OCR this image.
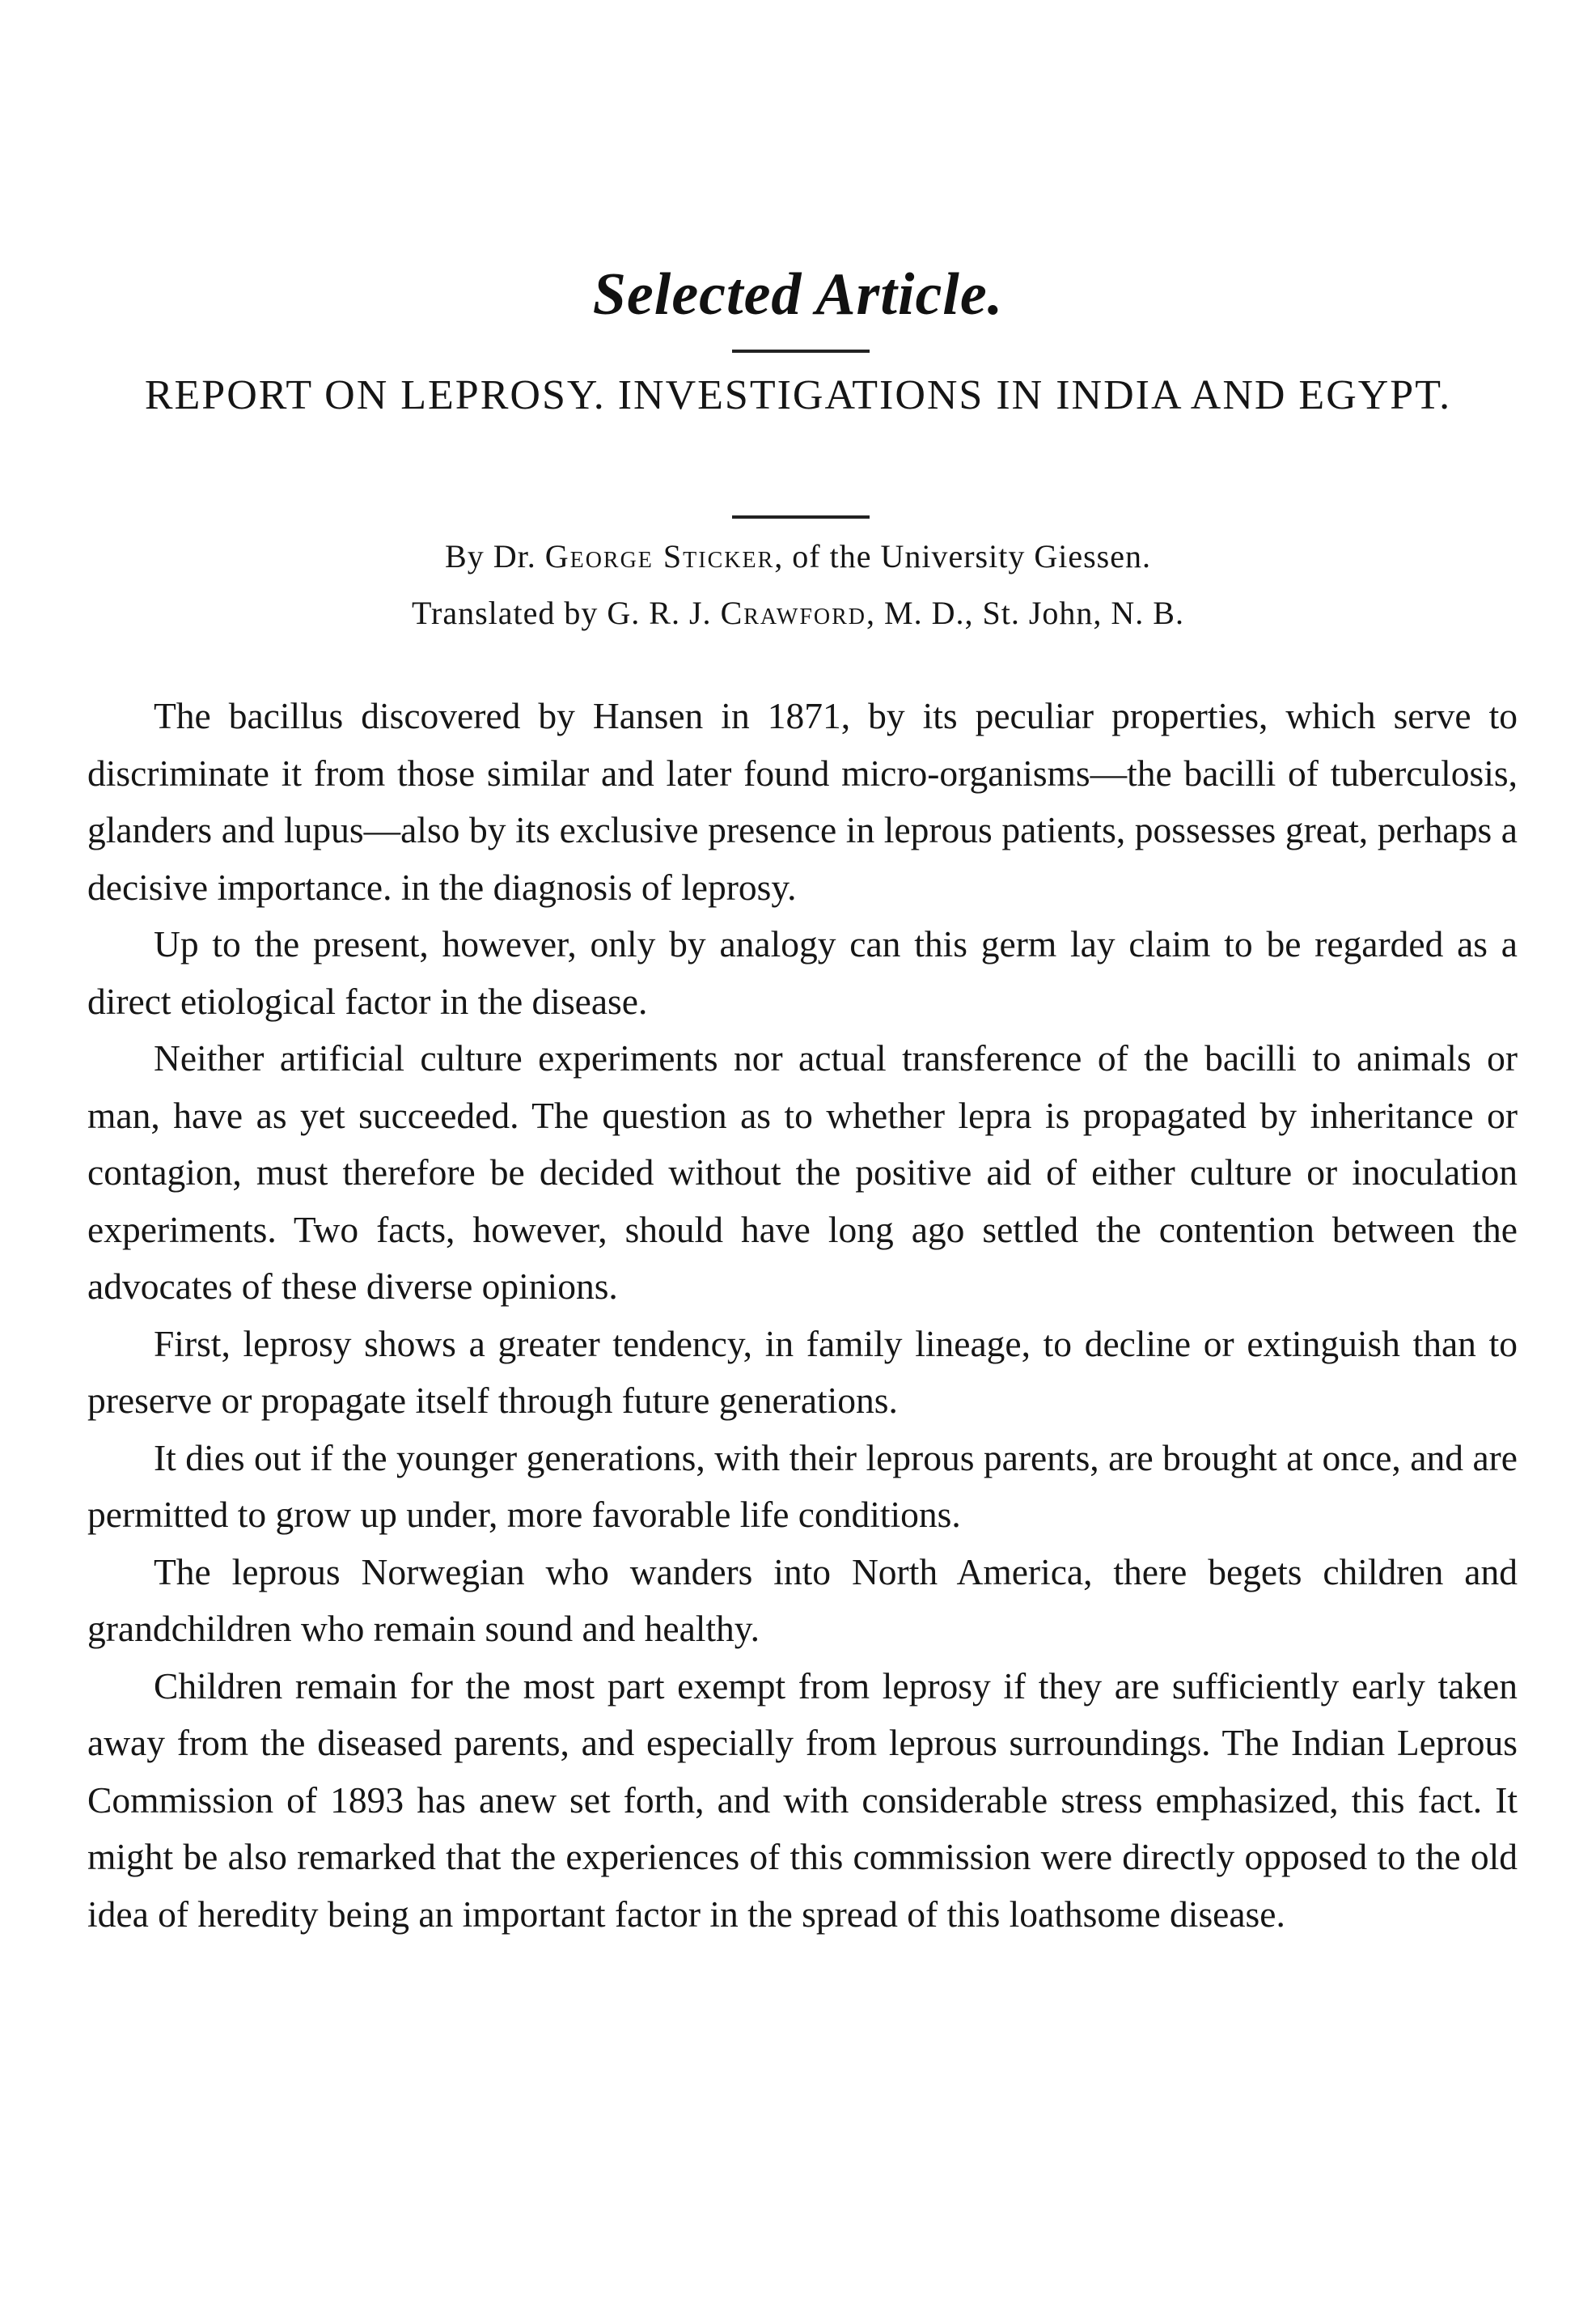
Selected Article.
REPORT ON LEPROSY. INVESTIGATIONS IN INDIA AND EGYPT.
By Dr. George Sticker, of the University Giessen.
Translated by G. R. J. Crawford, M. D., St. John, N. B.

The bacillus discovered by Hansen in 1871, by its peculiar properties, which serve to discriminate it from those similar and later found micro-organisms—the bacilli of tuberculosis, glanders and lupus—also by its exclusive presence in leprous patients, possesses great, perhaps a decisive importance. in the diagnosis of leprosy.

Up to the present, however, only by analogy can this germ lay claim to be regarded as a direct etiological factor in the disease.

Neither artificial culture experiments nor actual transference of the bacilli to animals or man, have as yet succeeded. The question as to whether lepra is propagated by inheritance or contagion, must therefore be decided without the positive aid of either culture or inoculation experiments. Two facts, however, should have long ago settled the contention between the advocates of these diverse opinions.

First, leprosy shows a greater tendency, in family lineage, to decline or extinguish than to preserve or propagate itself through future generations.

It dies out if the younger generations, with their leprous parents, are brought at once, and are permitted to grow up under, more favorable life conditions.

The leprous Norwegian who wanders into North America, there begets children and grandchildren who remain sound and healthy.

Children remain for the most part exempt from leprosy if they are sufficiently early taken away from the diseased parents, and especially from leprous surroundings. The Indian Leprous Commission of 1893 has anew set forth, and with considerable stress emphasized, this fact. It might be also remarked that the experiences of this commission were directly opposed to the old idea of heredity being an important factor in the spread of this loathsome disease.
